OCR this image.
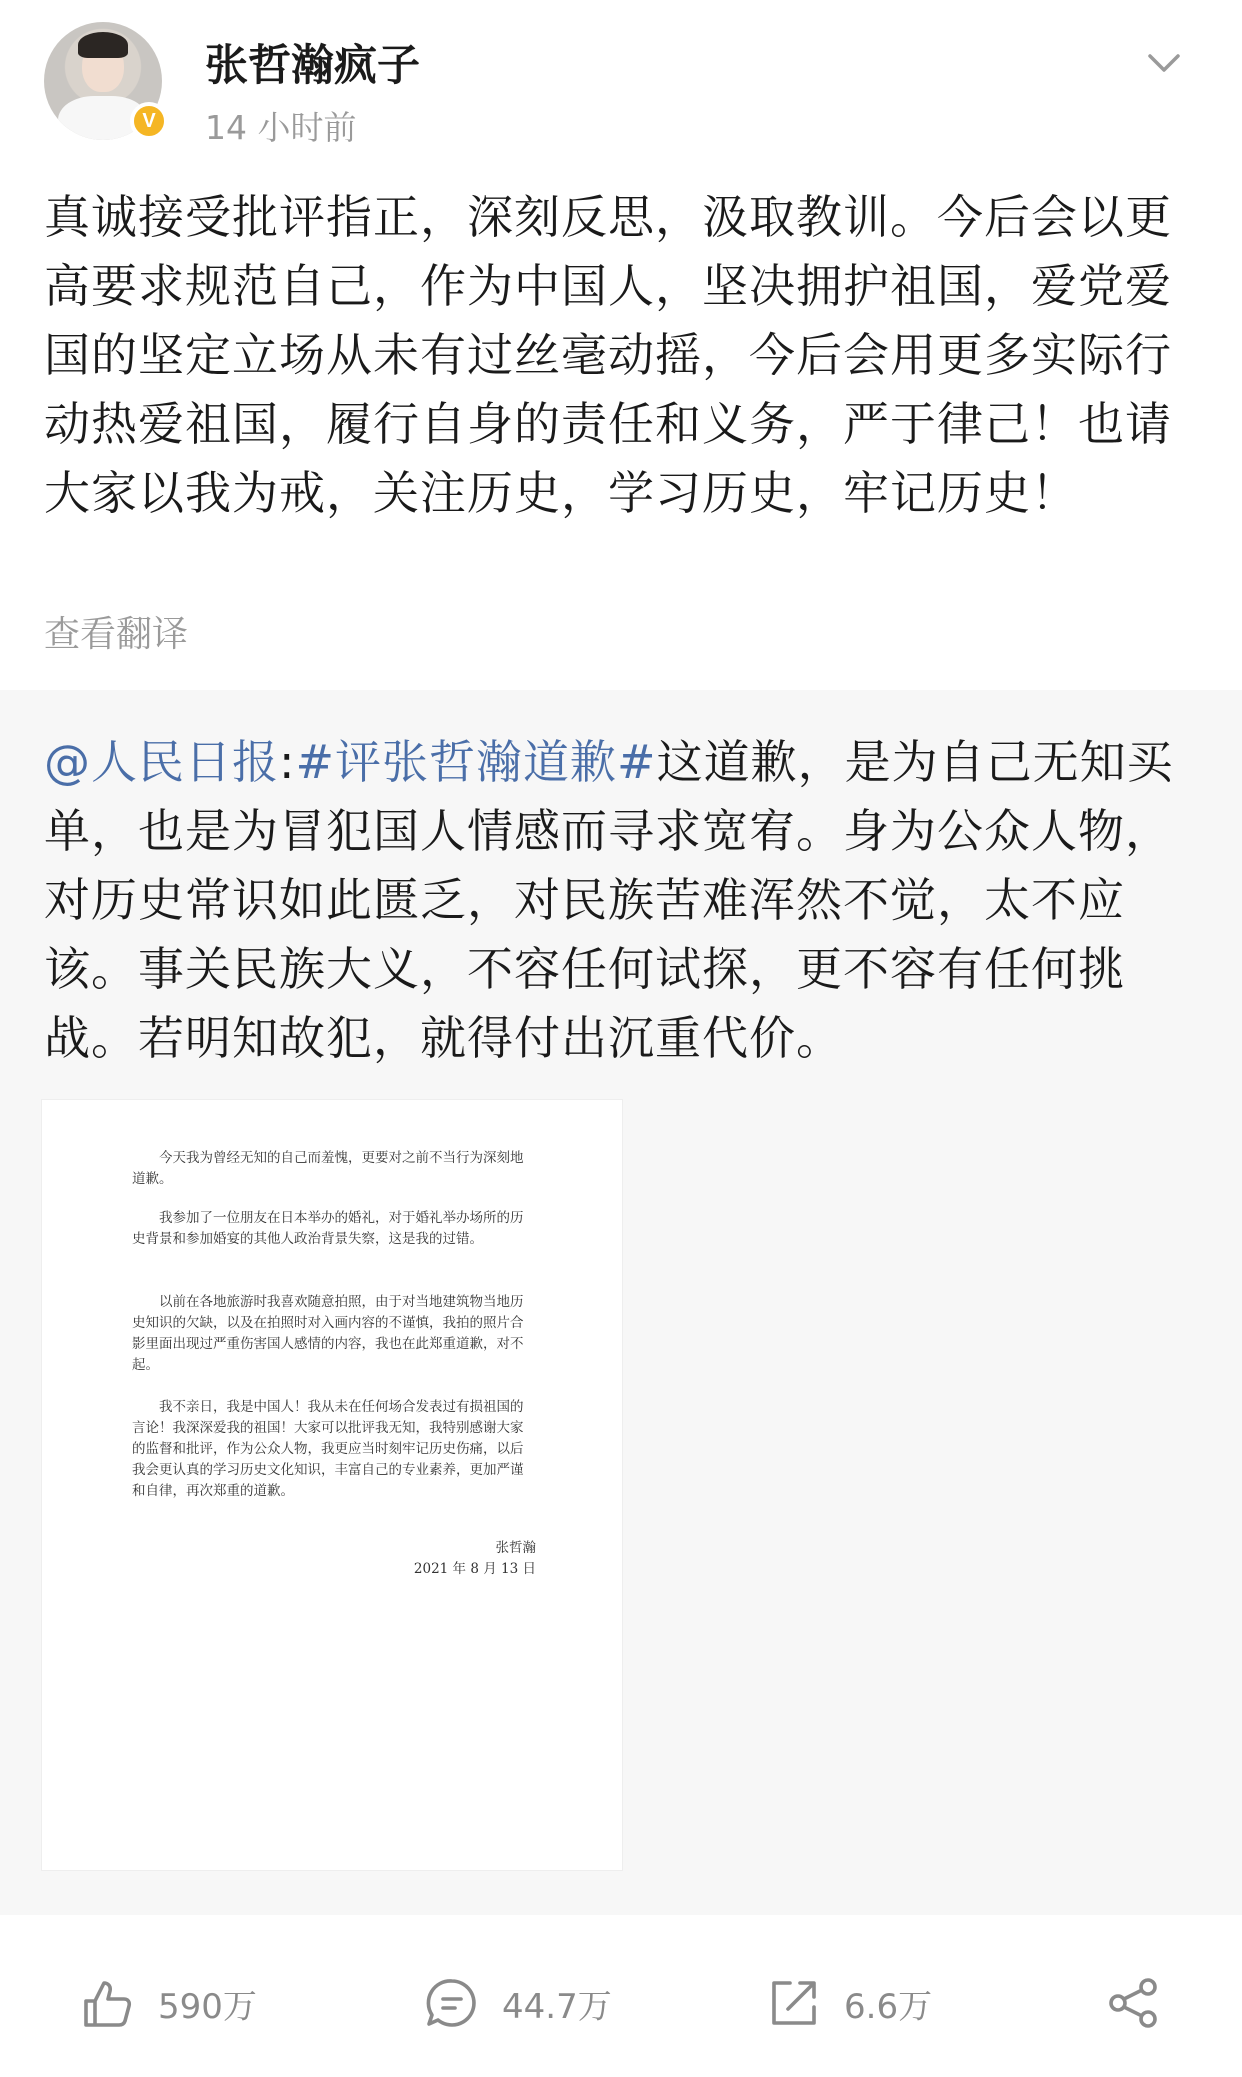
V
张哲瀚疯子
14 小时前
真诚接受批评指正，深刻反思，汲取教训。今后会以更高要求规范自己，作为中国人，坚决拥护祖国，爱党爱国的坚定立场从未有过丝毫动摇，今后会用更多实际行动热爱祖国，履行自身的责任和义务，严于律己！也请大家以我为戒，关注历史，学习历史，牢记历史！
查看翻译
@人民日报:#评张哲瀚道歉#这道歉，是为自己无知买单，也是为冒犯国人情感而寻求宽宥。身为公众人物，对历史常识如此匮乏，对民族苦难浑然不觉，太不应该。事关民族大义，不容任何试探，更不容有任何挑战。若明知故犯，就得付出沉重代价。

今天我为曾经无知的自己而羞愧，更要对之前不当行为深刻地道歉。

我参加了一位朋友在日本举办的婚礼，对于婚礼举办场所的历史背景和参加婚宴的其他人政治背景失察，这是我的过错。

以前在各地旅游时我喜欢随意拍照，由于对当地建筑物当地历史知识的欠缺，以及在拍照时对入画内容的不谨慎，我拍的照片合影里面出现过严重伤害国人感情的内容，我也在此郑重道歉，对不起。

我不亲日，我是中国人！我从未在任何场合发表过有损祖国的言论！我深深爱我的祖国！大家可以批评我无知，我特别感谢大家的监督和批评，作为公众人物，我更应当时刻牢记历史伤痛，以后我会更认真的学习历史文化知识，丰富自己的专业素养，更加严谨和自律，再次郑重的道歉。

张哲瀚
2021 年 8 月 13 日
590万	44.7万	6.6万
